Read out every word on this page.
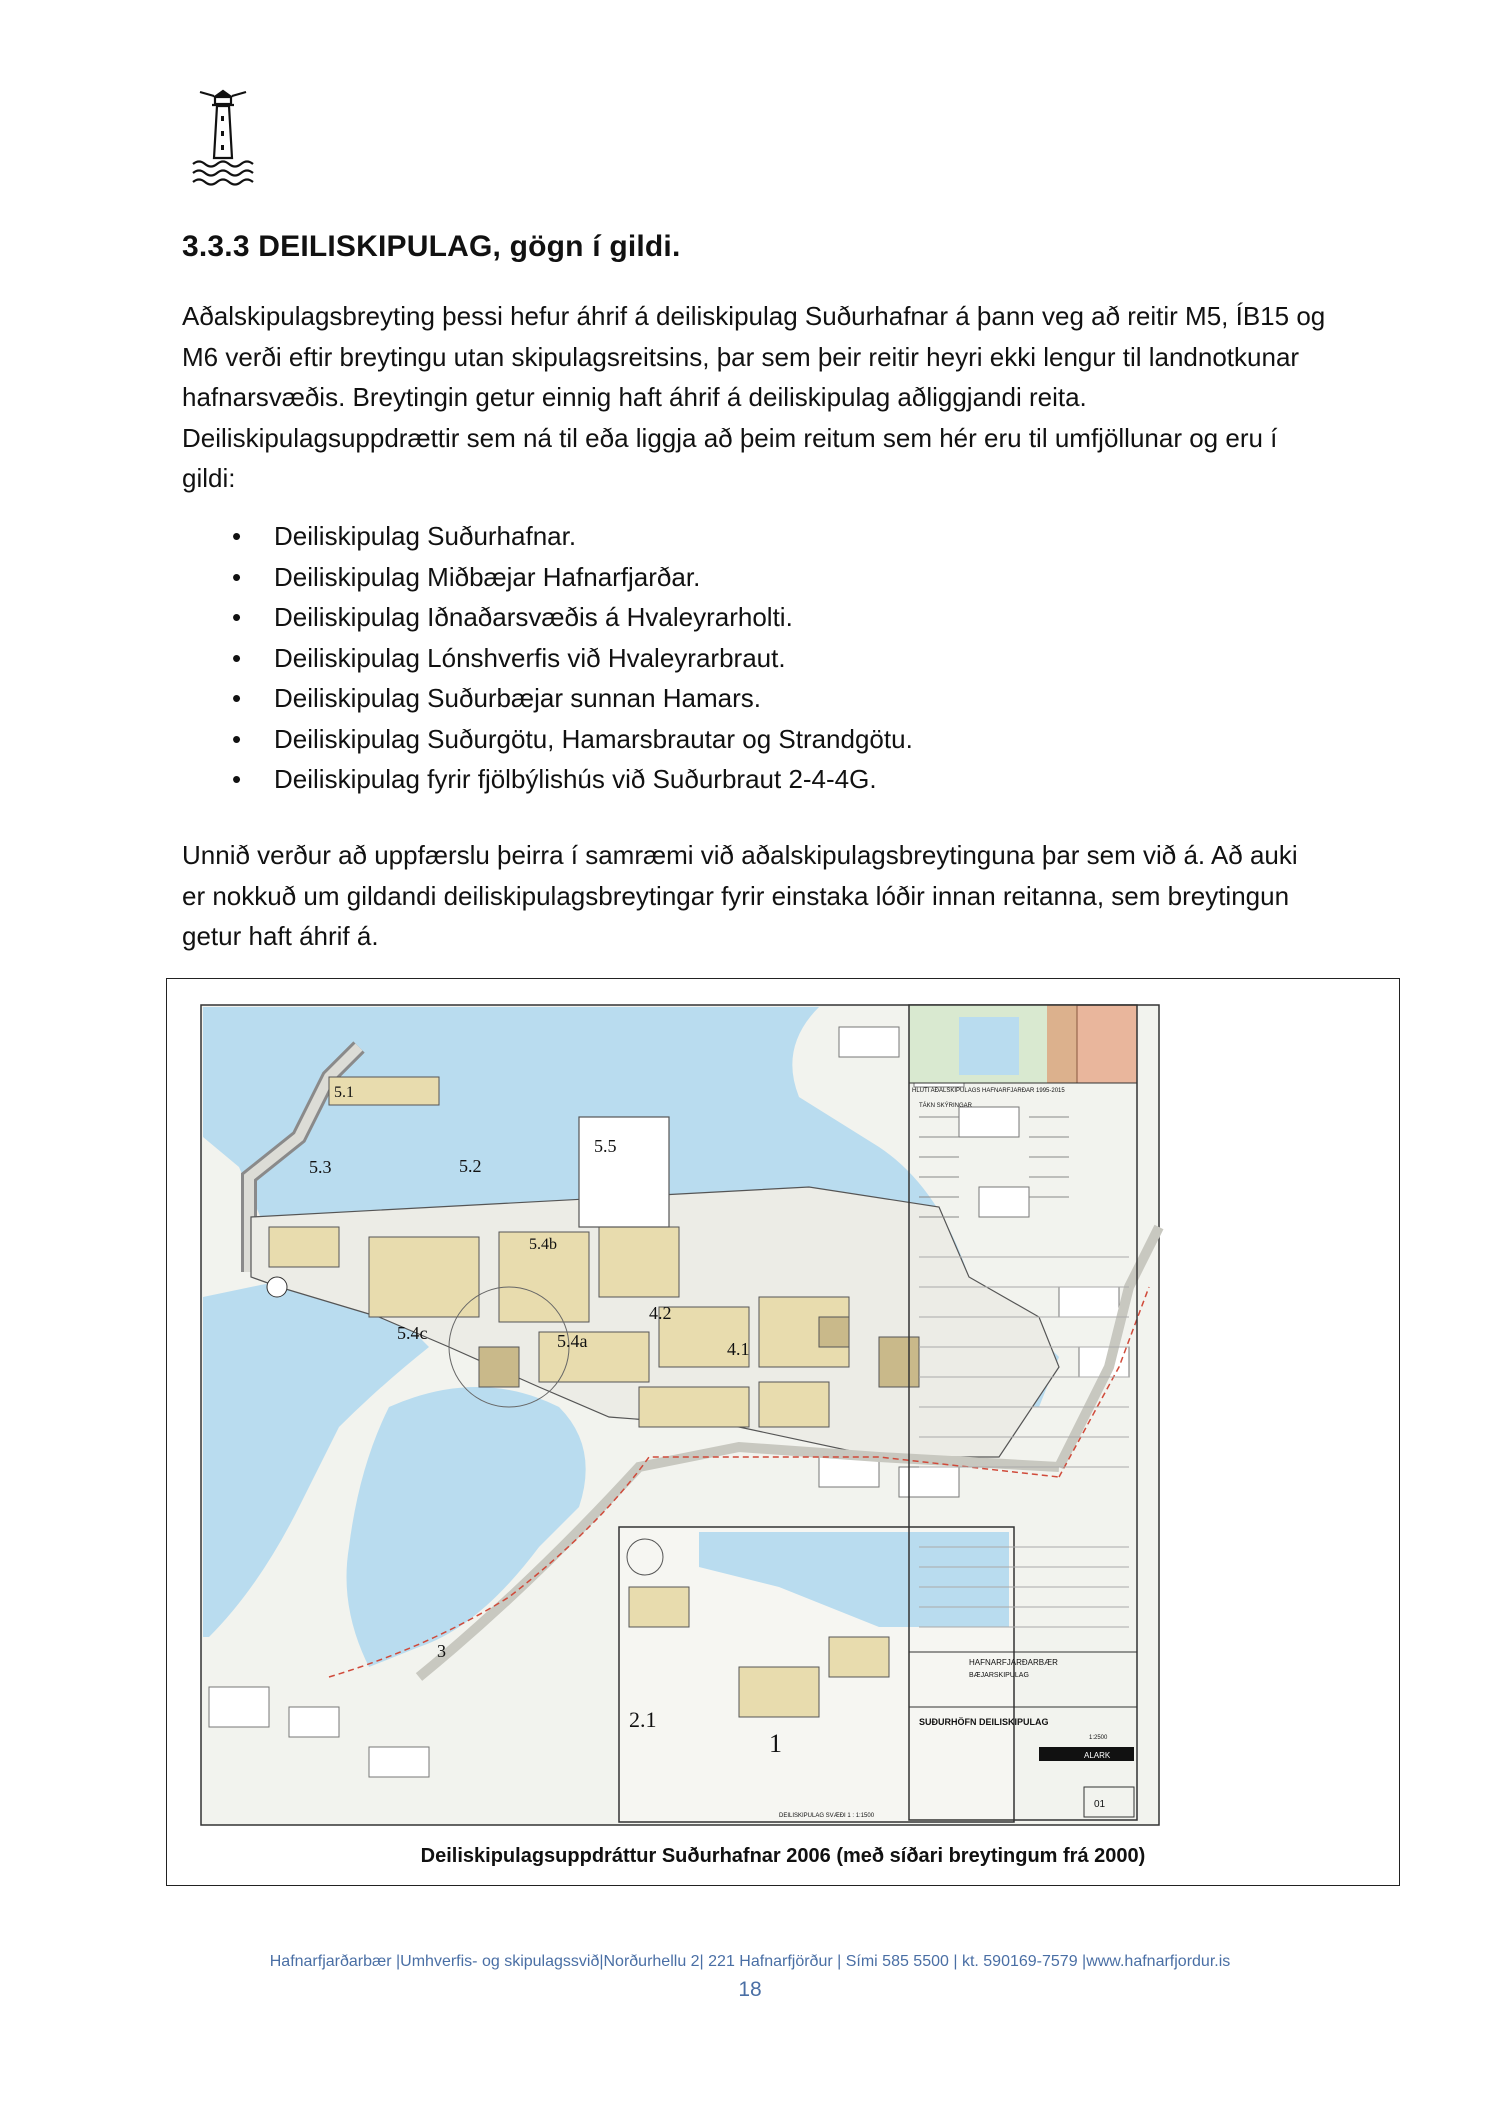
3.3.3 DEILISKIPULAG, gögn í gildi.

Aðalskipulagsbreyting þessi hefur áhrif á deiliskipulag Suðurhafnar á þann veg að reitir M5, ÍB15 og M6 verði eftir breytingu utan skipulagsreitsins, þar sem þeir reitir heyri ekki lengur til landnotkunar hafnarsvæðis. Breytingin getur einnig haft áhrif á deiliskipulag aðliggjandi reita. Deiliskipulagsuppdrættir sem ná til eða liggja að þeim reitum sem hér eru til umfjöllunar og eru í gildi:

• Deiliskipulag Suðurhafnar.
• Deiliskipulag Miðbæjar Hafnarfjarðar.
• Deiliskipulag Iðnaðarsvæðis á Hvaleyrarholti.
• Deiliskipulag Lónshverfis við Hvaleyrarbraut.
• Deiliskipulag Suðurbæjar sunnan Hamars.
• Deiliskipulag Suðurgötu, Hamarsbrautar og Strandgötu.
• Deiliskipulag fyrir fjölbýlishús við Suðurbraut 2-4-4G.

Unnið verður að uppfærslu þeirra í samræmi við aðalskipulagsbreytinguna þar sem við á. Að auki er nokkuð um gildandi deiliskipulagsbreytingar fyrir einstaka lóðir innan reitanna, sem breytingun getur haft áhrif á.

5.1
5.2
5.3
5.4a
5.4b
5.4c
5.5
4.1
4.2
3
2.1
1
HLUTI AÐALSKIPULAGS HAFNARFJARÐAR 1995-2015
TÁKN SKÝRINGAR
HAFNARFJARÐARBÆR
BÆJARSKIPULAG
SUÐURHÖFN DEILISKIPULAG
1:2500
ALARK
01
DEILISKIPULAG SVÆÐI 1 : 1:1500
Deiliskipulagsuppdráttur Suðurhafnar 2006 (með síðari breytingum frá 2000)
Hafnarfjarðarbær |Umhverfis- og skipulagssvið|Norðurhellu 2| 221 Hafnarfjörður | Sími 585 5500 | kt. 590169-7579 |www.hafnarfjordur.is
18
